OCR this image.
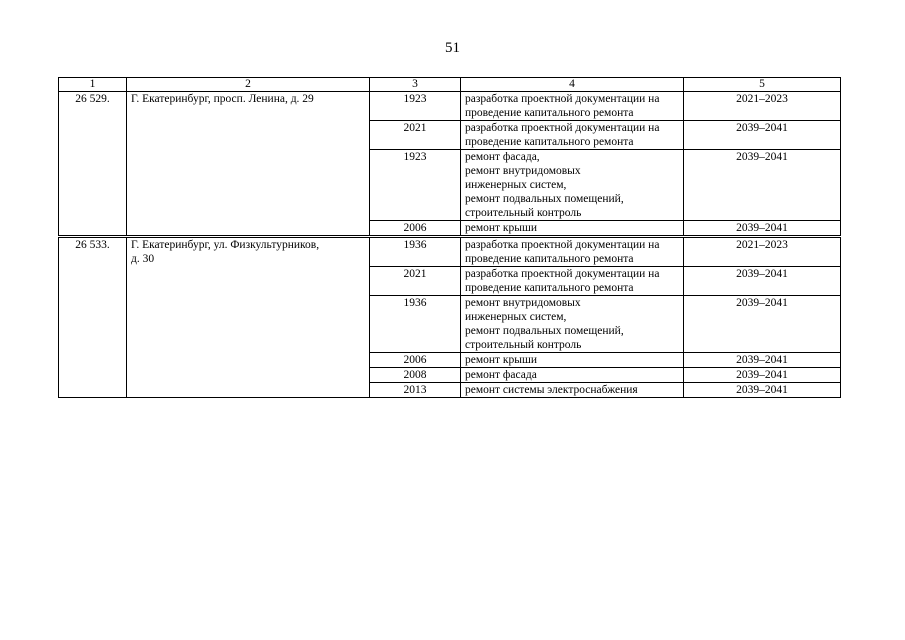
51
1	2	3	4	5
26 529.	Г. Екатеринбург, просп. Ленина, д. 29	1923	разработка проектной документации на проведение капитального ремонта	2021–2023
		2021	разработка проектной документации на проведение капитального ремонта	2039–2041
		1923	ремонт фасада,
ремонт внутридомовых
инженерных систем,
ремонт подвальных помещений,
строительный контроль	2039–2041
		2006	ремонт крыши	2039–2041
26 533.	Г. Екатеринбург, ул. Физкультурников,
д. 30	1936	разработка проектной документации на проведение капитального ремонта	2021–2023
		2021	разработка проектной документации на проведение капитального ремонта	2039–2041
		1936	ремонт внутридомовых
инженерных систем,
ремонт подвальных помещений,
строительный контроль	2039–2041
		2006	ремонт крыши	2039–2041
		2008	ремонт фасада	2039–2041
		2013	ремонт системы электроснабжения	2039–2041
